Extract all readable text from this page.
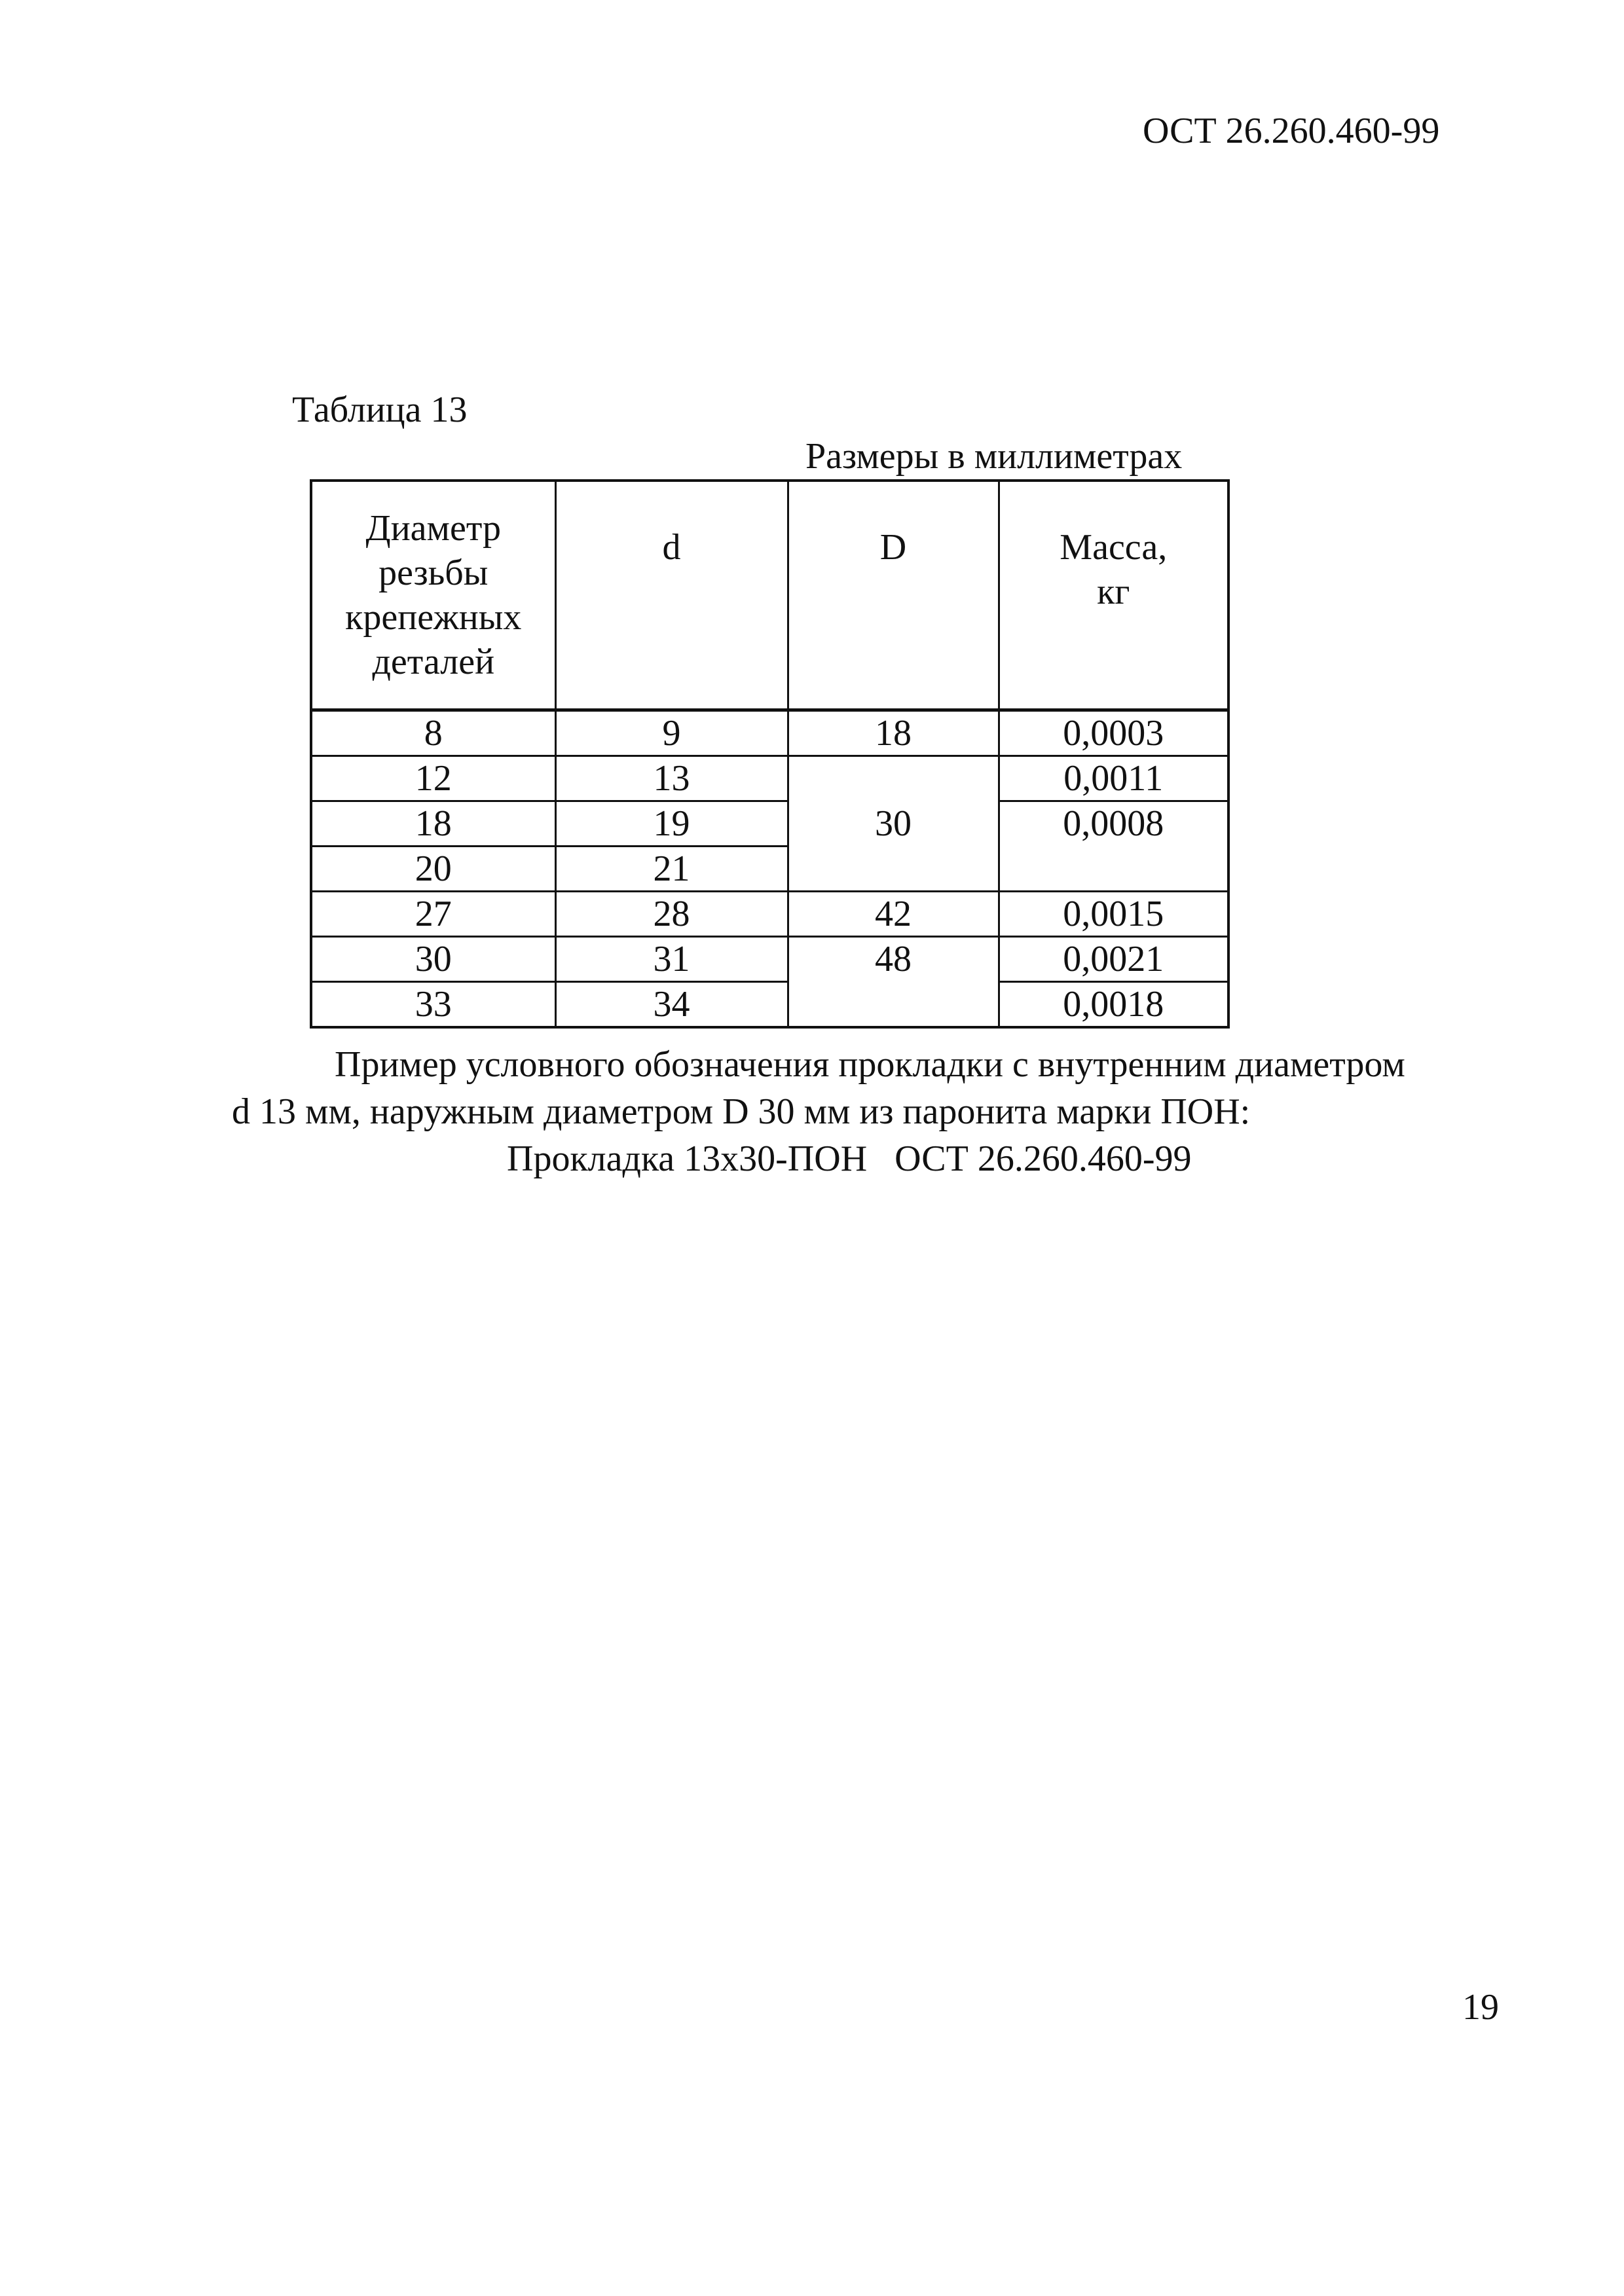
ОСТ 26.260.460-99
Таблица 13
Размеры в миллиметрах
Диаметр
резьбы
крепежных
деталей	d	D	Масса,
кг

8	9	18	0,0003
12	13	30	0,0011
18	19		0,0008
20	21		
27	28	42	0,0015
30	31	48	0,0021
33	34		0,0018
Пример условного обозначения прокладки с внутренним диаметром
d 13 мм, наружным диаметром D 30 мм из паронита марки ПОН:
Прокладка 13х30-ПОН   ОСТ 26.260.460-99
19
